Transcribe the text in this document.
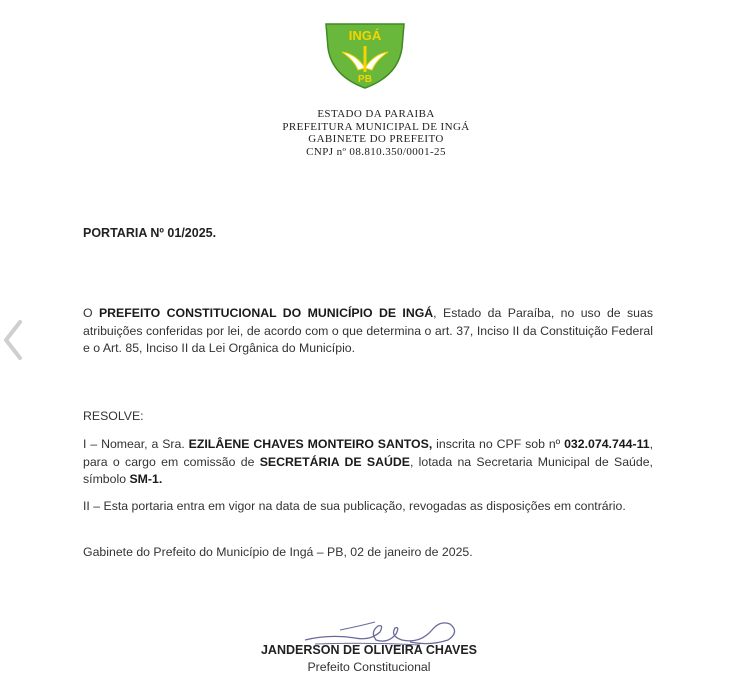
INGÁ
PB
ESTADO DA PARAIBA
PREFEITURA MUNICIPAL DE INGÁ
GABINETE DO PREFEITO
CNPJ nº 08.810.350/0001-25
PORTARIA Nº 01/2025.
O PREFEITO CONSTITUCIONAL DO MUNICÍPIO DE INGÁ, Estado da Paraíba, no uso de suas atribuições conferidas por lei, de acordo com o que determina o art. 37, Inciso II da Constituição Federal e o Art. 85, Inciso II da Lei Orgânica do Município.
RESOLVE:
I – Nomear, a Sra. EZILÂENE CHAVES MONTEIRO SANTOS, inscrita no CPF sob nº 032.074.744-11, para o cargo em comissão de SECRETÁRIA DE SAÚDE, lotada na Secretaria Municipal de Saúde, símbolo SM-1.
II – Esta portaria entra em vigor na data de sua publicação, revogadas as disposições em contrário.
Gabinete do Prefeito do Município de Ingá – PB, 02 de janeiro de 2025.
JANDERSON DE OLIVEIRA CHAVES
Prefeito Constitucional
